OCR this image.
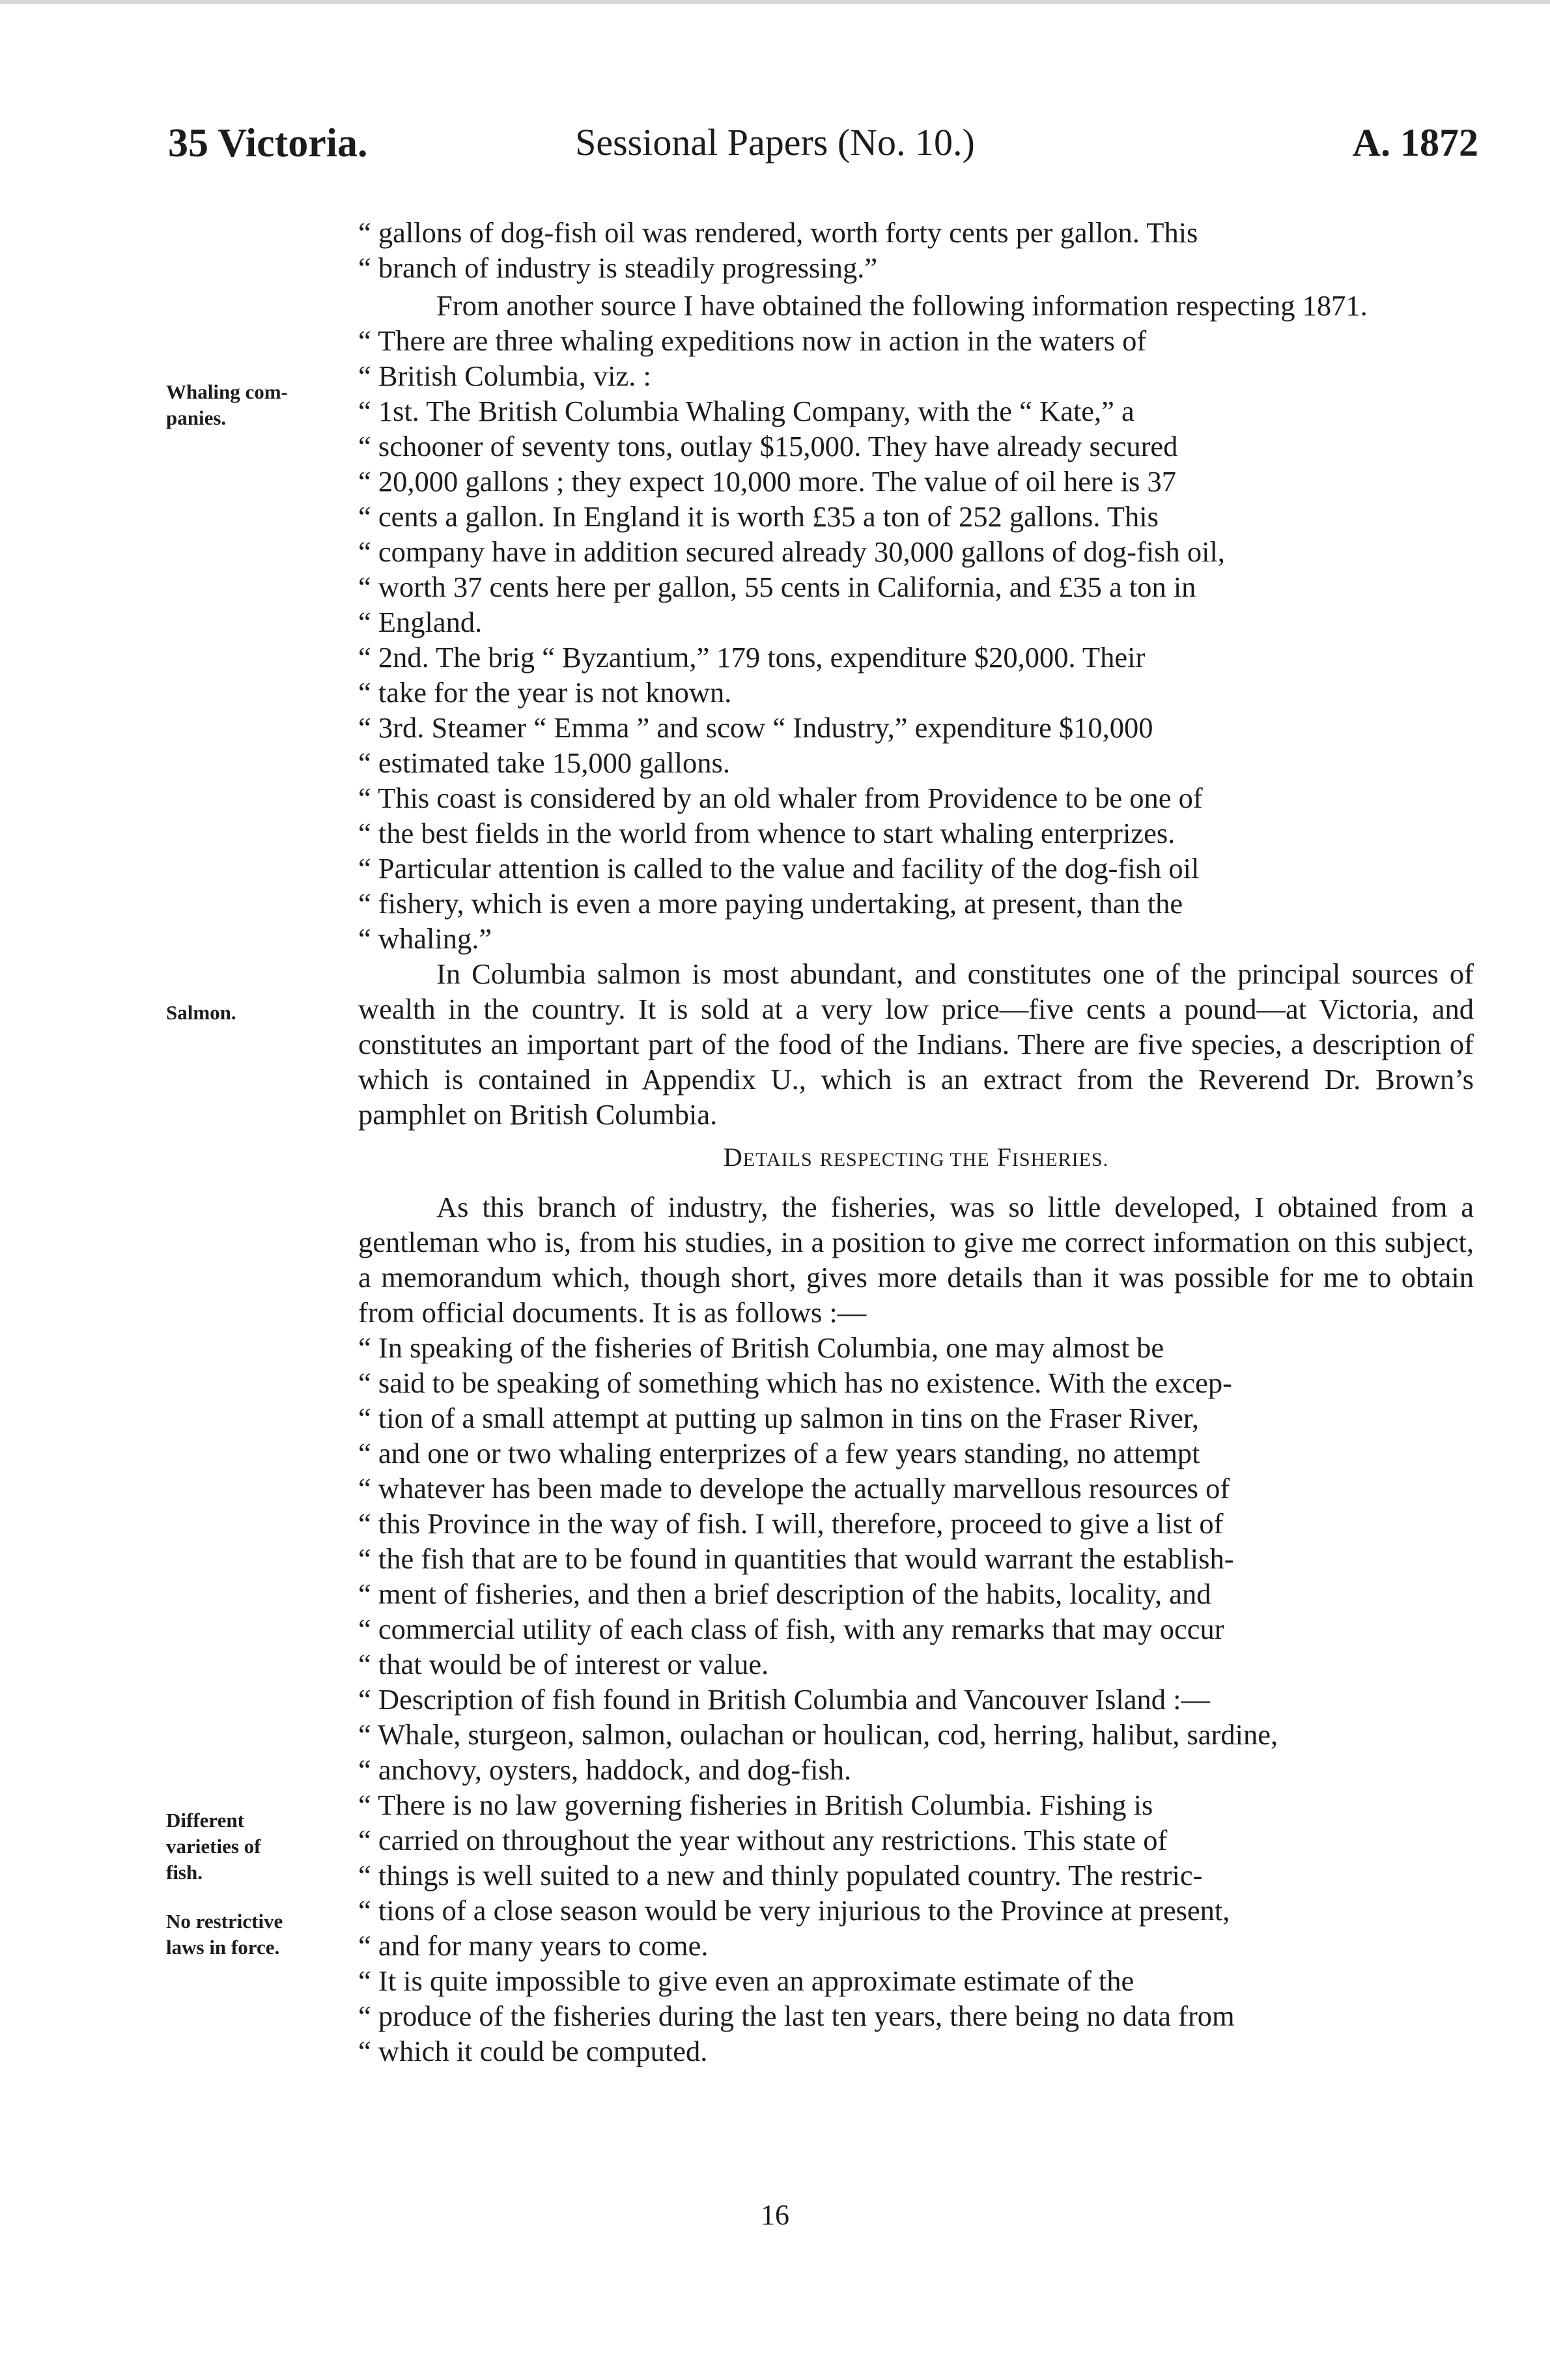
35 Victoria.	Sessional Papers (No. 10.)	A. 1872
Whaling com-
panies.
Salmon.
Different
varieties of
fish.
No restrictive
laws in force.

“ gallons of dog-fish oil was rendered, worth forty cents per gallon. This
“ branch of industry is steadily progressing.”

From another source I have obtained the following information respecting 1871.

“ There are three whaling expeditions now in action in the waters of
“ British Columbia, viz. :

“ 1st. The British Columbia Whaling Company, with the “ Kate,” a
“ schooner of seventy tons, outlay $15,000. They have already secured
“ 20,000 gallons ; they expect 10,000 more. The value of oil here is 37
“ cents a gallon. In England it is worth £35 a ton of 252 gallons. This
“ company have in addition secured already 30,000 gallons of dog-fish oil,
“ worth 37 cents here per gallon, 55 cents in California, and £35 a ton in
“ England.

“ 2nd. The brig “ Byzantium,” 179 tons, expenditure $20,000. Their
“ take for the year is not known.

“ 3rd. Steamer “ Emma ” and scow “ Industry,” expenditure $10,000
“ estimated take 15,000 gallons.

“ This coast is considered by an old whaler from Providence to be one of
“ the best fields in the world from whence to start whaling enterprizes.
“ Particular attention is called to the value and facility of the dog-fish oil
“ fishery, which is even a more paying undertaking, at present, than the
“ whaling.”

In Columbia salmon is most abundant, and constitutes one of the principal sources of wealth in the country. It is sold at a very low price—five cents a pound—at Victoria, and constitutes an important part of the food of the Indians. There are five species, a description of which is contained in Appendix U., which is an extract from the Reverend Dr. Brown’s pamphlet on British Columbia.

DETAILS RESPECTING THE FISHERIES.

As this branch of industry, the fisheries, was so little developed, I obtained from a gentleman who is, from his studies, in a position to give me correct information on this subject, a memorandum which, though short, gives more details than it was possible for me to obtain from official documents. It is as follows :—

“ In speaking of the fisheries of British Columbia, one may almost be
“ said to be speaking of something which has no existence. With the excep-
“ tion of a small attempt at putting up salmon in tins on the Fraser River,
“ and one or two whaling enterprizes of a few years standing, no attempt
“ whatever has been made to develope the actually marvellous resources of
“ this Province in the way of fish. I will, therefore, proceed to give a list of
“ the fish that are to be found in quantities that would warrant the establish-
“ ment of fisheries, and then a brief description of the habits, locality, and
“ commercial utility of each class of fish, with any remarks that may occur
“ that would be of interest or value.

“ Description of fish found in British Columbia and Vancouver Island :—
“ Whale, sturgeon, salmon, oulachan or houlican, cod, herring, halibut, sardine,
“ anchovy, oysters, haddock, and dog-fish.

“ There is no law governing fisheries in British Columbia. Fishing is
“ carried on throughout the year without any restrictions. This state of
“ things is well suited to a new and thinly populated country. The restric-
“ tions of a close season would be very injurious to the Province at present,
“ and for many years to come.

“ It is quite impossible to give even an approximate estimate of the
“ produce of the fisheries during the last ten years, there being no data from
“ which it could be computed.

16
